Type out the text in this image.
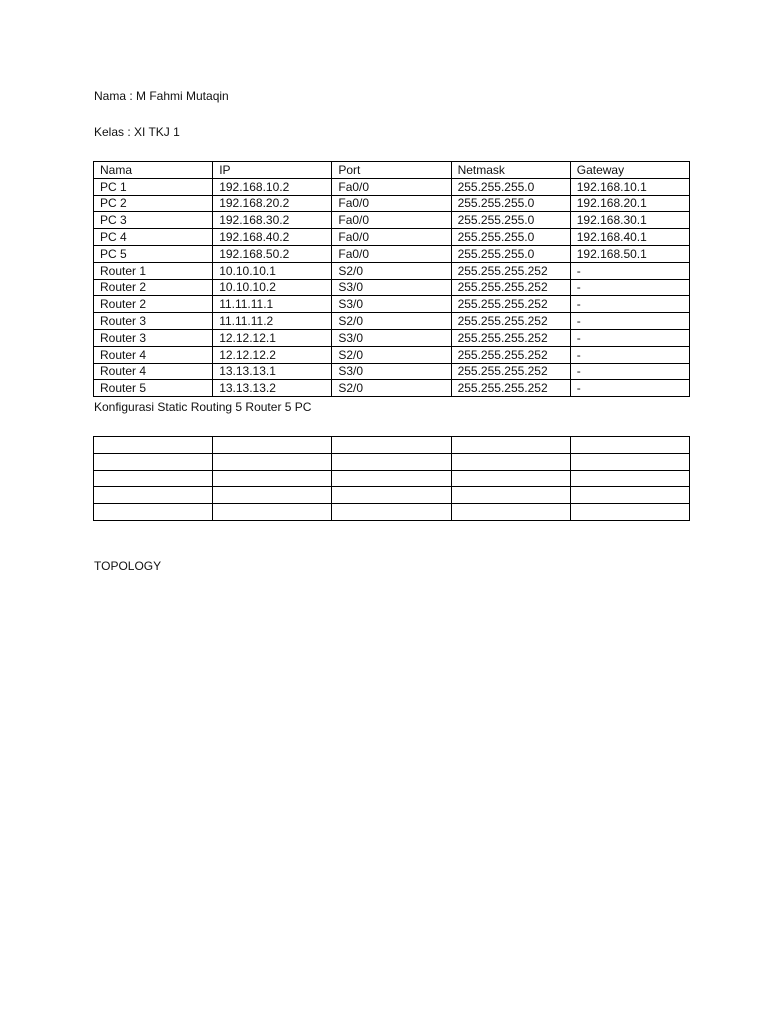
Nama : M Fahmi Mutaqin
Kelas : XI TKJ 1
Nama	IP	Port	Netmask	Gateway
PC 1	192.168.10.2	Fa0/0	255.255.255.0	192.168.10.1
PC 2	192.168.20.2	Fa0/0	255.255.255.0	192.168.20.1
PC 3	192.168.30.2	Fa0/0	255.255.255.0	192.168.30.1
PC 4	192.168.40.2	Fa0/0	255.255.255.0	192.168.40.1
PC 5	192.168.50.2	Fa0/0	255.255.255.0	192.168.50.1
Router 1	10.10.10.1	S2/0	255.255.255.252	-
Router 2	10.10.10.2	S3/0	255.255.255.252	-
Router 2	11.11.11.1	S3/0	255.255.255.252	-
Router 3	11.11.11.2	S2/0	255.255.255.252	-
Router 3	12.12.12.1	S3/0	255.255.255.252	-
Router 4	12.12.12.2	S2/0	255.255.255.252	-
Router 4	13.13.13.1	S3/0	255.255.255.252	-
Router 5	13.13.13.2	S2/0	255.255.255.252	-
Konfigurasi Static Routing 5 Router 5 PC

TOPOLOGY
